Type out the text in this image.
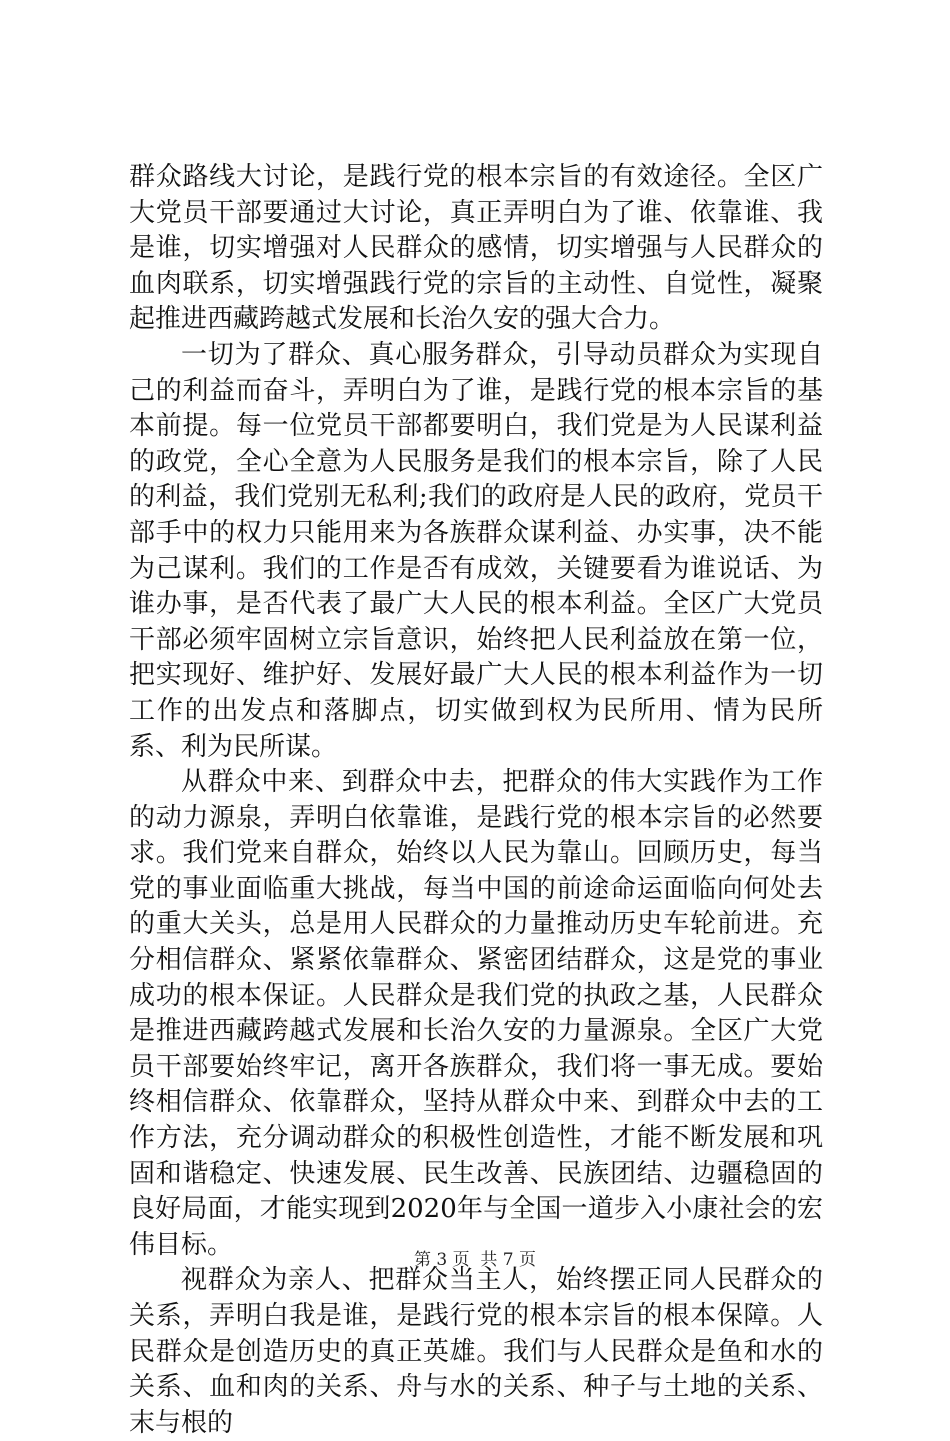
群众路线大讨论，是践行党的根本宗旨的有效途径。全区广大党员干部要通过大讨论，真正弄明白为了谁、依靠谁、我是谁，切实增强对人民群众的感情，切实增强与人民群众的血肉联系，切实增强践行党的宗旨的主动性、自觉性，凝聚起推进西藏跨越式发展和长治久安的强大合力。

一切为了群众、真心服务群众，引导动员群众为实现自己的利益而奋斗，弄明白为了谁，是践行党的根本宗旨的基本前提。每一位党员干部都要明白，我们党是为人民谋利益的政党，全心全意为人民服务是我们的根本宗旨，除了人民的利益，我们党别无私利;我们的政府是人民的政府，党员干部手中的权力只能用来为各族群众谋利益、办实事，决不能为己谋利。我们的工作是否有成效，关键要看为谁说话、为谁办事，是否代表了最广大人民的根本利益。全区广大党员干部必须牢固树立宗旨意识，始终把人民利益放在第一位，把实现好、维护好、发展好最广大人民的根本利益作为一切工作的出发点和落脚点，切实做到权为民所用、情为民所系、利为民所谋。

从群众中来、到群众中去，把群众的伟大实践作为工作的动力源泉，弄明白依靠谁，是践行党的根本宗旨的必然要求。我们党来自群众，始终以人民为靠山。回顾历史，每当党的事业面临重大挑战，每当中国的前途命运面临向何处去的重大关头，总是用人民群众的力量推动历史车轮前进。充分相信群众、紧紧依靠群众、紧密团结群众，这是党的事业成功的根本保证。人民群众是我们党的执政之基，人民群众是推进西藏跨越式发展和长治久安的力量源泉。全区广大党员干部要始终牢记，离开各族群众，我们将一事无成。要始终相信群众、依靠群众，坚持从群众中来、到群众中去的工作方法，充分调动群众的积极性创造性，才能不断发展和巩固和谐稳定、快速发展、民生改善、民族团结、边疆稳固的良好局面，才能实现到2020年与全国一道步入小康社会的宏伟目标。

视群众为亲人、把群众当主人，始终摆正同人民群众的关系，弄明白我是谁，是践行党的根本宗旨的根本保障。人民群众是创造历史的真正英雄。我们与人民群众是鱼和水的关系、血和肉的关系、舟与水的关系、种子与土地的关系、末与根的

第 3 页  共 7 页
